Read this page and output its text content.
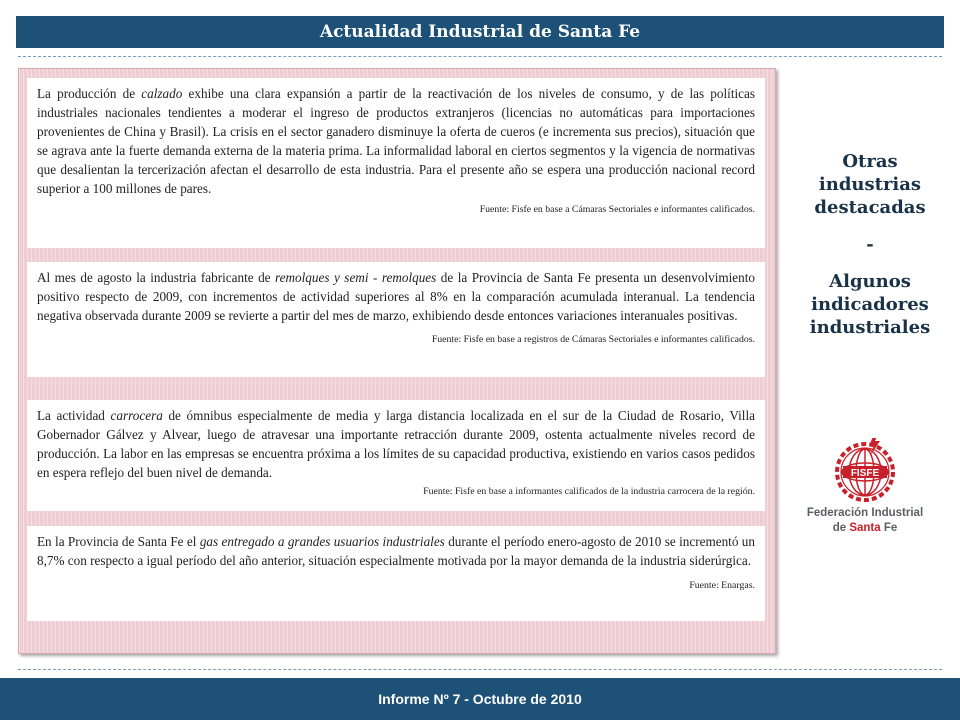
Actualidad Industrial de Santa Fe

La producción de calzado exhibe una clara expansión a partir de la reactivación de los niveles de consumo, y de las políticas industriales nacionales tendientes a moderar el ingreso de productos extranjeros (licencias no automáticas para importaciones provenientes de China y Brasil). La crisis en el sector ganadero disminuye la oferta de cueros (e incrementa sus precios), situación que se agrava ante la fuerte demanda externa de la materia prima. La informalidad laboral en ciertos segmentos y la vigencia de normativas que desalientan la tercerización afectan el desarrollo de esta industria. Para el presente año se espera una producción nacional record superior a 100 millones de pares.

Fuente: Fisfe en base a Cámaras Sectoriales e informantes calificados.

Al mes de agosto la industria fabricante de remolques y semi - remolques de la Provincia de Santa Fe presenta un desenvolvimiento positivo respecto de 2009, con incrementos de actividad superiores al 8% en la comparación acumulada interanual. La tendencia negativa observada durante 2009 se revierte a partir del mes de marzo, exhibiendo desde entonces variaciones interanuales positivas.

Fuente: Fisfe en base a registros de Cámaras Sectoriales e informantes calificados.

La actividad carrocera de ómnibus especialmente de media y larga distancia localizada en el sur de la Ciudad de Rosario, Villa Gobernador Gálvez y Alvear, luego de atravesar una importante retracción durante 2009, ostenta actualmente niveles record de producción. La labor en las empresas se encuentra próxima a los límites de su capacidad productiva, existiendo en varios casos pedidos en espera reflejo del buen nivel de demanda.

Fuente: Fisfe en base a informantes calificados de la industria carrocera de la región.

En la Provincia de Santa Fe el gas entregado a grandes usuarios industriales durante el período enero-agosto de 2010 se incrementó un 8,7% con respecto a igual período del año anterior, situación especialmente motivada por la mayor demanda de la industria siderúrgica.

Fuente: Enargas.
Otras industrias destacadas
-
Algunos indicadores industriales
FISFE
Federación Industrial
de Santa Fe
Informe Nº 7 - Octubre de 2010
